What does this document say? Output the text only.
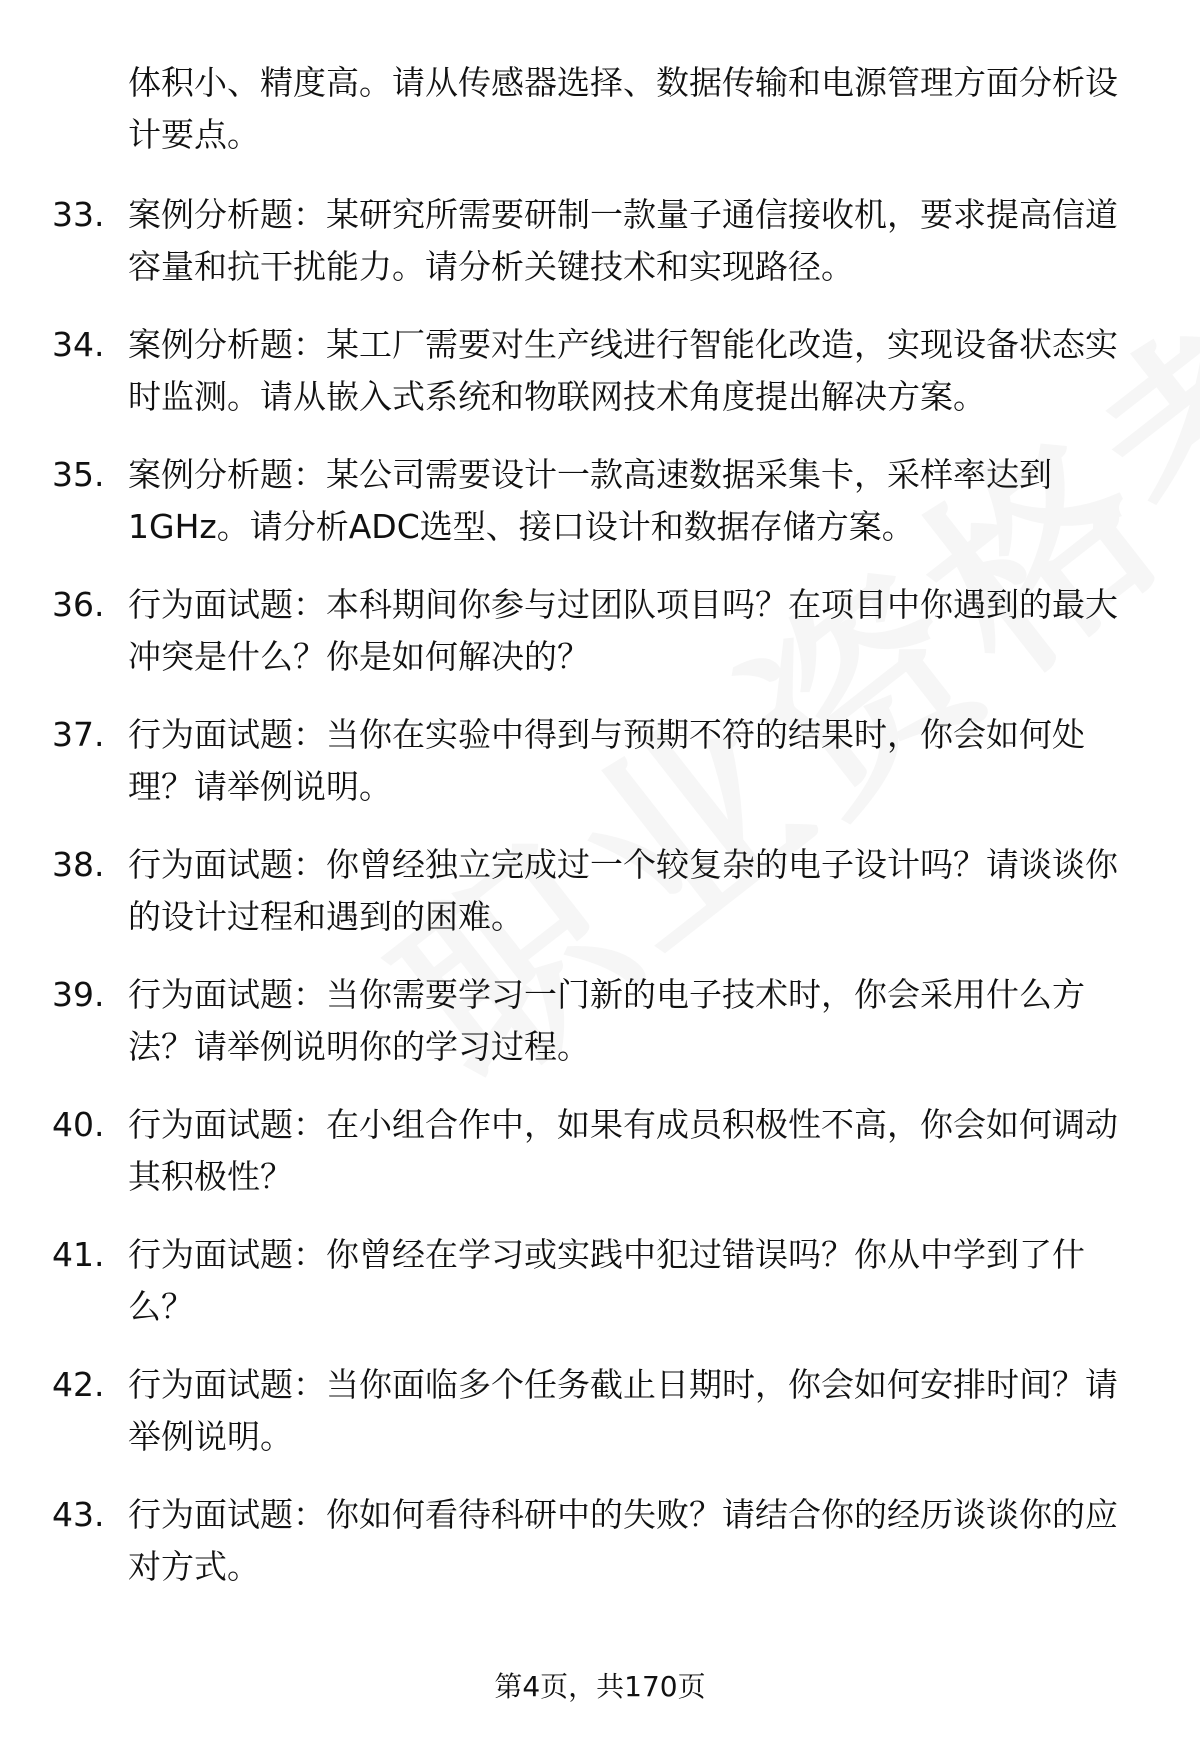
体积小、精度高。请从传感器选择、数据传输和电源管理方面分析设计要点。
33. 案例分析题：某研究所需要研制一款量子通信接收机，要求提高信道容量和抗干扰能力。请分析关键技术和实现路径。
34. 案例分析题：某工厂需要对生产线进行智能化改造，实现设备状态实时监测。请从嵌入式系统和物联网技术角度提出解决方案。
35. 案例分析题：某公司需要设计一款高速数据采集卡，采样率达到1GHz。请分析ADC选型、接口设计和数据存储方案。
36. 行为面试题：本科期间你参与过团队项目吗？在项目中你遇到的最大冲突是什么？你是如何解决的？
37. 行为面试题：当你在实验中得到与预期不符的结果时，你会如何处理？请举例说明。
38. 行为面试题：你曾经独立完成过一个较复杂的电子设计吗？请谈谈你的设计过程和遇到的困难。
39. 行为面试题：当你需要学习一门新的电子技术时，你会采用什么方法？请举例说明你的学习过程。
40. 行为面试题：在小组合作中，如果有成员积极性不高，你会如何调动其积极性？
41. 行为面试题：你曾经在学习或实践中犯过错误吗？你从中学到了什么？
42. 行为面试题：当你面临多个任务截止日期时，你会如何安排时间？请举例说明。
43. 行为面试题：你如何看待科研中的失败？请结合你的经历谈谈你的应对方式。
第4页，共170页
